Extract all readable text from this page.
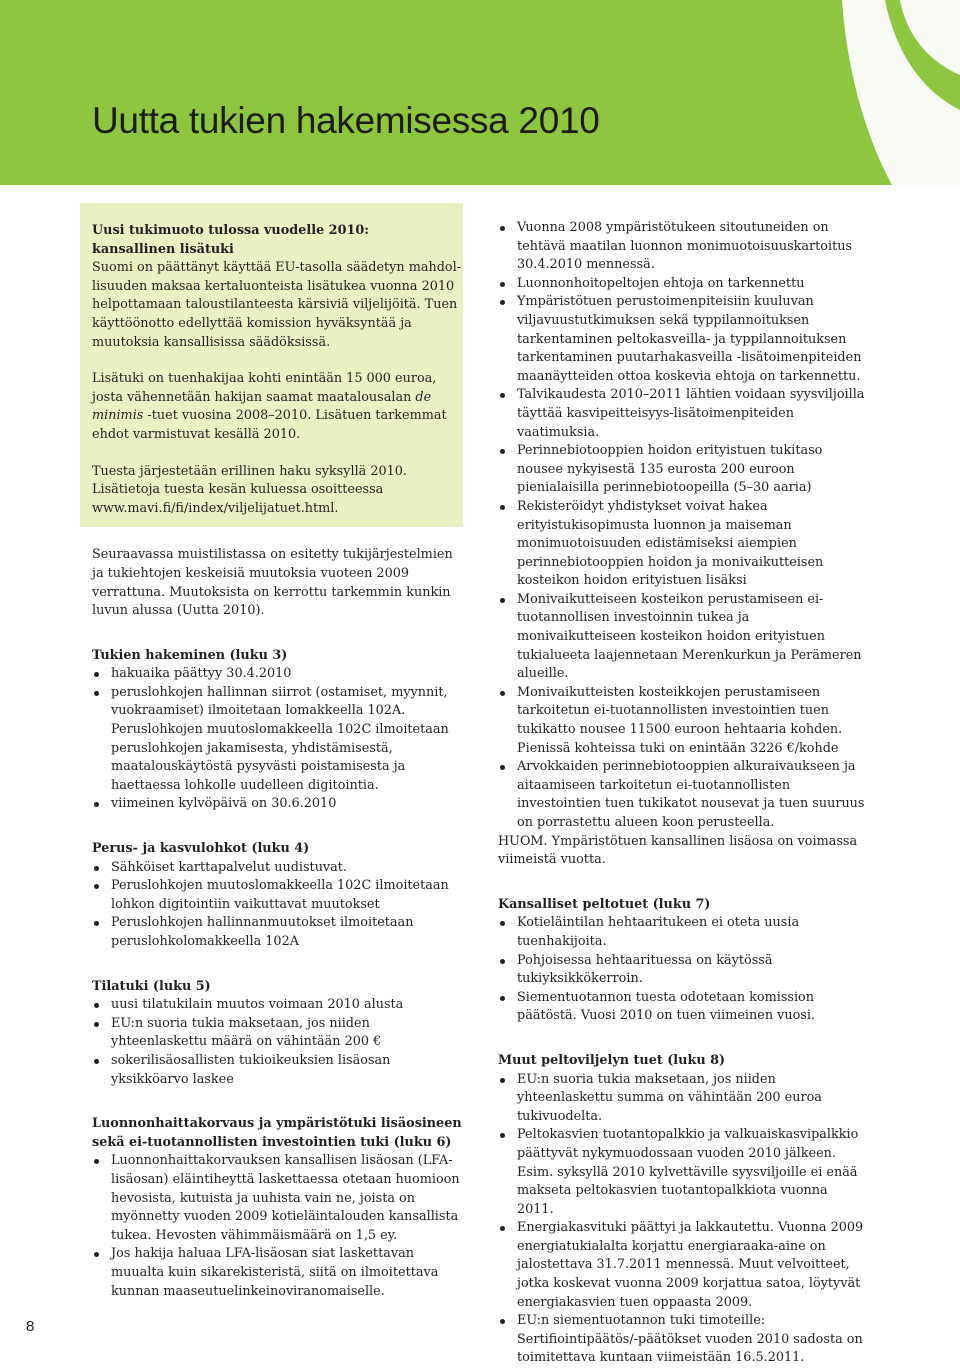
Uutta tukien hakemisessa 2010

Uusi tukimuoto tulossa vuodelle 2010:

kansallinen lisätuki

Suomi on päättänyt käyttää EU-tasolla säädetyn mahdollisuuden maksaa kertaluonteista lisätukea vuonna 2010 helpottamaan taloustilanteesta kärsiviä viljelijöitä. Tuen käyttöönotto edellyttää komission hyväksyntää ja muutoksia kansallisissa säädöksissä.

Lisätuki on tuenhakijaa kohti enintään 15 000 euroa, josta vähennetään hakijan saamat maatalousalan de minimis -tuet vuosina 2008–2010. Lisätuen tarkemmat ehdot varmistuvat kesällä 2010.

Tuesta järjestetään erillinen haku syksyllä 2010. Lisätietoja tuesta kesän kuluessa osoitteessa www.mavi.fi/fi/index/viljelijatuet.html.

Seuraavassa muistilistassa on esitetty tukijärjestelmien ja tukiehtojen keskeisiä muutoksia vuoteen 2009 verrattuna. Muutoksista on kerrottu tarkemmin kunkin luvun alussa (Uutta 2010).

Tukien hakeminen (luku 3)

hakuaika päättyy 30.4.2010
peruslohkojen hallinnan siirrot (ostamiset, myynnit, vuokraamiset) ilmoitetaan lomakkeella 102A. Peruslohkojen muutoslomakkeella 102C ilmoitetaan peruslohkojen jakamisesta, yhdistämisestä, maatalouskäytöstä pysyvästi poistamisesta ja haettaessa lohkolle uudelleen digitointia.
viimeinen kylvöpäivä on 30.6.2010

Perus- ja kasvulohkot (luku 4)

Sähköiset karttapalvelut uudistuvat.
Peruslohkojen muutoslomakkeella 102C ilmoitetaan lohkon digitointiin vaikuttavat muutokset
Peruslohkojen hallinnanmuutokset ilmoitetaan peruslohkolomakkeella 102A

Tilatuki (luku 5)

uusi tilatukilain muutos voimaan 2010 alusta
EU:n suoria tukia maksetaan, jos niiden yhteenlaskettu määrä on vähintään 200 €
sokerilisäosallisten tukioikeuksien lisäosan yksikköarvo laskee

Luonnonhaittakorvaus ja ympäristötuki lisäosineen sekä ei-tuotannollisten investointien tuki (luku 6)

Luonnonhaittakorvauksen kansallisen lisäosan (LFA-lisäosan) eläintiheyttä laskettaessa otetaan huomioon hevosista, kutuista ja uuhista vain ne, joista on myönnetty vuoden 2009 kotieläintalouden kansallista tukea. Hevosten vähimmäismäärä on 1,5 ey.
Jos hakija haluaa LFA-lisäosan siat laskettavan muualta kuin sikarekisteristä, siitä on ilmoitettava kunnan maaseutuelinkeinoviranomaiselle.
Vuonna 2008 ympäristötukeen sitoutuneiden on tehtävä maatilan luonnon monimuotoisuuskartoitus 30.4.2010 mennessä.
Luonnonhoitopeltojen ehtoja on tarkennettu
Ympäristötuen perustoimenpiteisiin kuuluvan viljavuustutkimuksen sekä typpilannoituksen tarkentaminen peltokasveilla- ja typpilannoituksen tarkentaminen puutarhakasveilla -lisätoimenpiteiden maanäytteiden ottoa koskevia ehtoja on tarkennettu.
Talvikaudesta 2010–2011 lähtien voidaan syysviljoilla täyttää kasvipeitteisyys-lisätoimenpiteiden vaatimuksia.
Perinnebiotooppien hoidon erityistuen tukitaso nousee nykyisestä 135 eurosta 200 euroon pienialaisilla perinnebiotoopeilla (5–30 aaria)
Rekisteröidyt yhdistykset voivat hakea erityistukisopimusta luonnon ja maiseman monimuotoisuuden edistämiseksi aiempien perinnebiotooppien hoidon ja monivaikutteisen kosteikon hoidon erityistuen lisäksi
Monivaikutteiseen kosteikon perustamiseen ei-tuotannollisen investoinnin tukea ja monivaikutteiseen kosteikon hoidon erityistuen tukialueeta laajennetaan Merenkurkun ja Perämeren alueille.
Monivaikutteisten kosteikkojen perustamiseen tarkoitetun ei-tuotannollisten investointien tuen tukikatto nousee 11500 euroon hehtaaria kohden. Pienissä kohteissa tuki on enintään 3226 €/kohde
Arvokkaiden perinnebiotooppien alkuraivaukseen ja aitaamiseen tarkoitetun ei-tuotannollisten investointien tuen tukikatot nousevat ja tuen suuruus on porrastettu alueen koon perusteella.

HUOM. Ympäristötuen kansallinen lisäosa on voimassa viimeistä vuotta.

Kansalliset peltotuet (luku 7)

Kotieläintilan hehtaaritukeen ei oteta uusia tuenhakijoita.
Pohjoisessa hehtaarituessa on käytössä tukiyksikkökerroin.
Siementuotannon tuesta odotetaan komission päätöstä. Vuosi 2010 on tuen viimeinen vuosi.

Muut peltoviljelyn tuet (luku 8)

EU:n suoria tukia maksetaan, jos niiden yhteenlaskettu summa on vähintään 200 euroa tukivuodelta.
Peltokasvien tuotantopalkkio ja valkuaiskasvipalkkio päättyvät nykymuodossaan vuoden 2010 jälkeen. Esim. syksyllä 2010 kylvettäville syysviljoille ei enää makseta peltokasvien tuotantopalkkiota vuonna 2011.
Energiakasvituki päättyi ja lakkautettu. Vuonna 2009 energiatukialalta korjattu energiaraaka-aine on jalostettava 31.7.2011 mennessä. Muut velvoitteet, jotka koskevat vuonna 2009 korjattua satoa, löytyvät energiakasvien tuen oppaasta 2009.
EU:n siementuotannon tuki timoteille: Sertifiointipäätös/-päätökset vuoden 2010 sadosta on toimitettava kuntaan viimeistään 16.5.2011.
8
